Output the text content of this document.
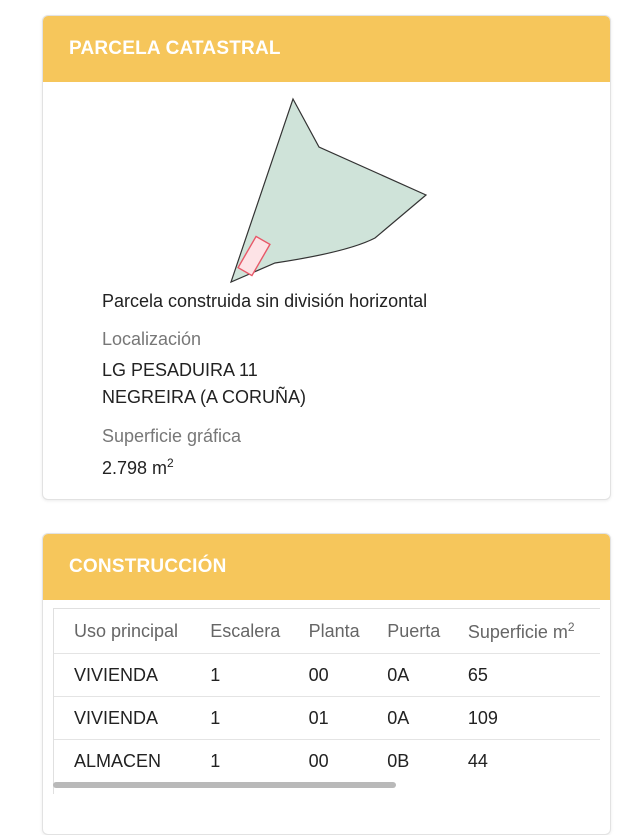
PARCELA CATASTRAL
Parcela construida sin división horizontal
Localización
LG PESADUIRA 11
NEGREIRA (A CORUÑA)
Superficie gráfica
2.798 $m^2$
CONSTRUCCIÓN
Uso principal	Escalera	Planta	Puerta	Superficie $m^2$
VIVIENDA	1	00	0A	65
VIVIENDA	1	01	0A	109
ALMACEN	1	00	0B	44
